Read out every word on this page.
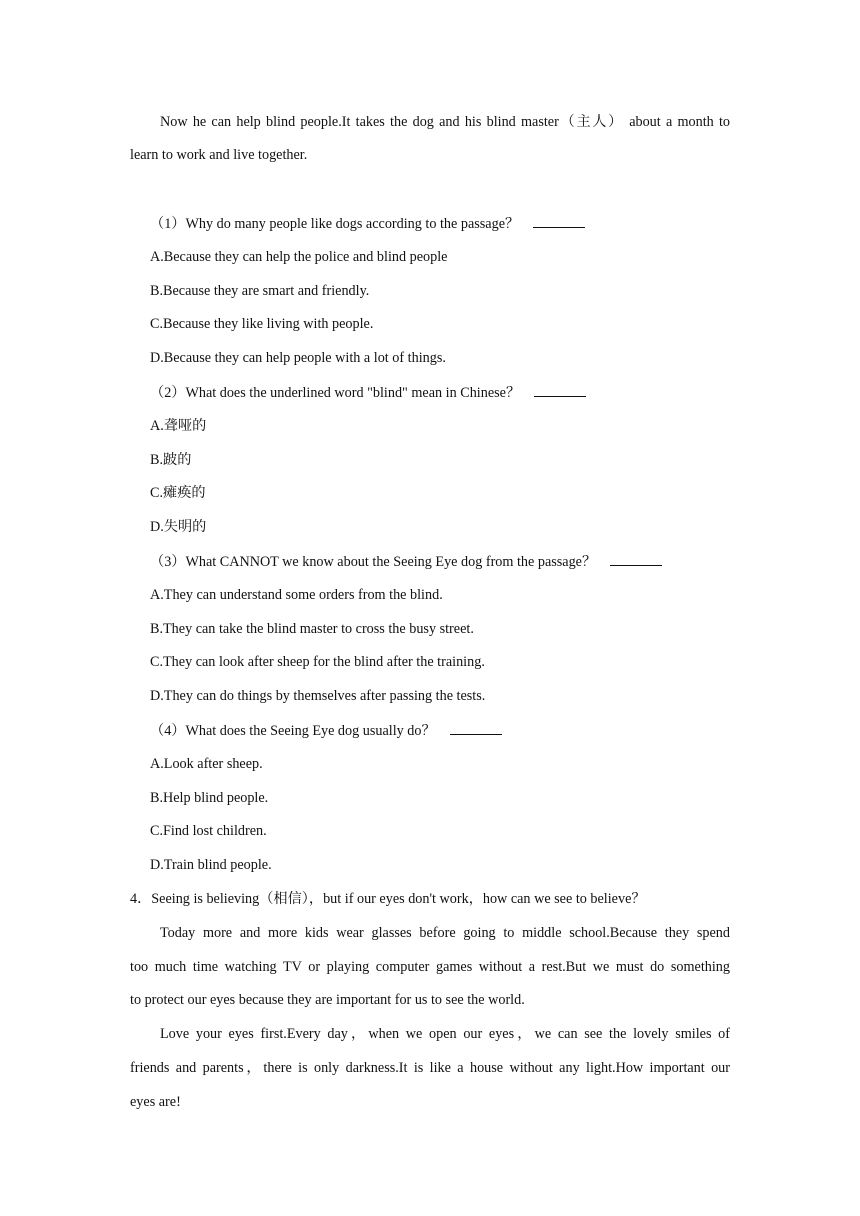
Now he can help blind people.It takes the dog and his blind master（主人） about a month to
learn to work and live together.
（1）Why do many people like dogs according to the passage？
A.Because they can help the police and blind people
B.Because they are smart and friendly.
C.Because they like living with people.
D.Because they can help people with a lot of things.
（2）What does the underlined word "blind" mean in Chinese？
A.聋哑的
B.跛的
C.瘫痪的
D.失明的
（3）What CANNOT we know about the Seeing Eye dog from the passage？
A.They can understand some orders from the blind.
B.They can take the blind master to cross the busy street.
C.They can look after sheep for the blind after the training.
D.They can do things by themselves after passing the tests.
（4）What does the Seeing Eye dog usually do？
A.Look after sheep.
B.Help blind people.
C.Find lost children.
D.Train blind people.
4．Seeing is believing（相信），but if our eyes don't work，how can we see to believe？
Today more and more kids wear glasses before going to middle school.Because they spend
too much time watching TV or playing computer games without a rest.But we must do something
to protect our eyes because they are important for us to see the world.
Love your eyes first.Every day，when we open our eyes，we can see the lovely smiles of
friends and parents，there is only darkness.It is like a house without any light.How important our
eyes are!
